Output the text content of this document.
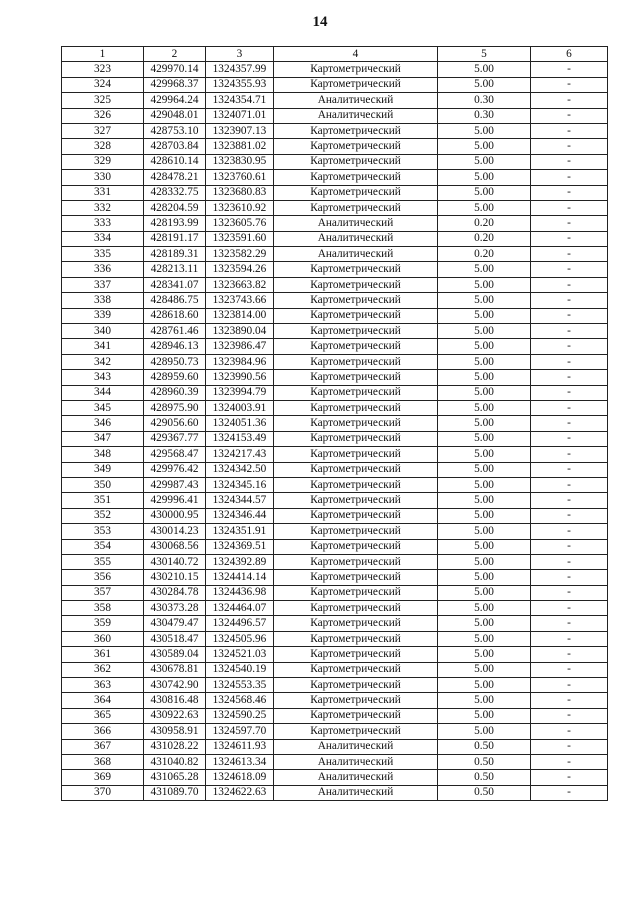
14
1	2	3	4	5	6
323	429970.14	1324357.99	Картометрический	5.00	-
324	429968.37	1324355.93	Картометрический	5.00	-
325	429964.24	1324354.71	Аналитический	0.30	-
326	429048.01	1324071.01	Аналитический	0.30	-
327	428753.10	1323907.13	Картометрический	5.00	-
328	428703.84	1323881.02	Картометрический	5.00	-
329	428610.14	1323830.95	Картометрический	5.00	-
330	428478.21	1323760.61	Картометрический	5.00	-
331	428332.75	1323680.83	Картометрический	5.00	-
332	428204.59	1323610.92	Картометрический	5.00	-
333	428193.99	1323605.76	Аналитический	0.20	-
334	428191.17	1323591.60	Аналитический	0.20	-
335	428189.31	1323582.29	Аналитический	0.20	-
336	428213.11	1323594.26	Картометрический	5.00	-
337	428341.07	1323663.82	Картометрический	5.00	-
338	428486.75	1323743.66	Картометрический	5.00	-
339	428618.60	1323814.00	Картометрический	5.00	-
340	428761.46	1323890.04	Картометрический	5.00	-
341	428946.13	1323986.47	Картометрический	5.00	-
342	428950.73	1323984.96	Картометрический	5.00	-
343	428959.60	1323990.56	Картометрический	5.00	-
344	428960.39	1323994.79	Картометрический	5.00	-
345	428975.90	1324003.91	Картометрический	5.00	-
346	429056.60	1324051.36	Картометрический	5.00	-
347	429367.77	1324153.49	Картометрический	5.00	-
348	429568.47	1324217.43	Картометрический	5.00	-
349	429976.42	1324342.50	Картометрический	5.00	-
350	429987.43	1324345.16	Картометрический	5.00	-
351	429996.41	1324344.57	Картометрический	5.00	-
352	430000.95	1324346.44	Картометрический	5.00	-
353	430014.23	1324351.91	Картометрический	5.00	-
354	430068.56	1324369.51	Картометрический	5.00	-
355	430140.72	1324392.89	Картометрический	5.00	-
356	430210.15	1324414.14	Картометрический	5.00	-
357	430284.78	1324436.98	Картометрический	5.00	-
358	430373.28	1324464.07	Картометрический	5.00	-
359	430479.47	1324496.57	Картометрический	5.00	-
360	430518.47	1324505.96	Картометрический	5.00	-
361	430589.04	1324521.03	Картометрический	5.00	-
362	430678.81	1324540.19	Картометрический	5.00	-
363	430742.90	1324553.35	Картометрический	5.00	-
364	430816.48	1324568.46	Картометрический	5.00	-
365	430922.63	1324590.25	Картометрический	5.00	-
366	430958.91	1324597.70	Картометрический	5.00	-
367	431028.22	1324611.93	Аналитический	0.50	-
368	431040.82	1324613.34	Аналитический	0.50	-
369	431065.28	1324618.09	Аналитический	0.50	-
370	431089.70	1324622.63	Аналитический	0.50	-
